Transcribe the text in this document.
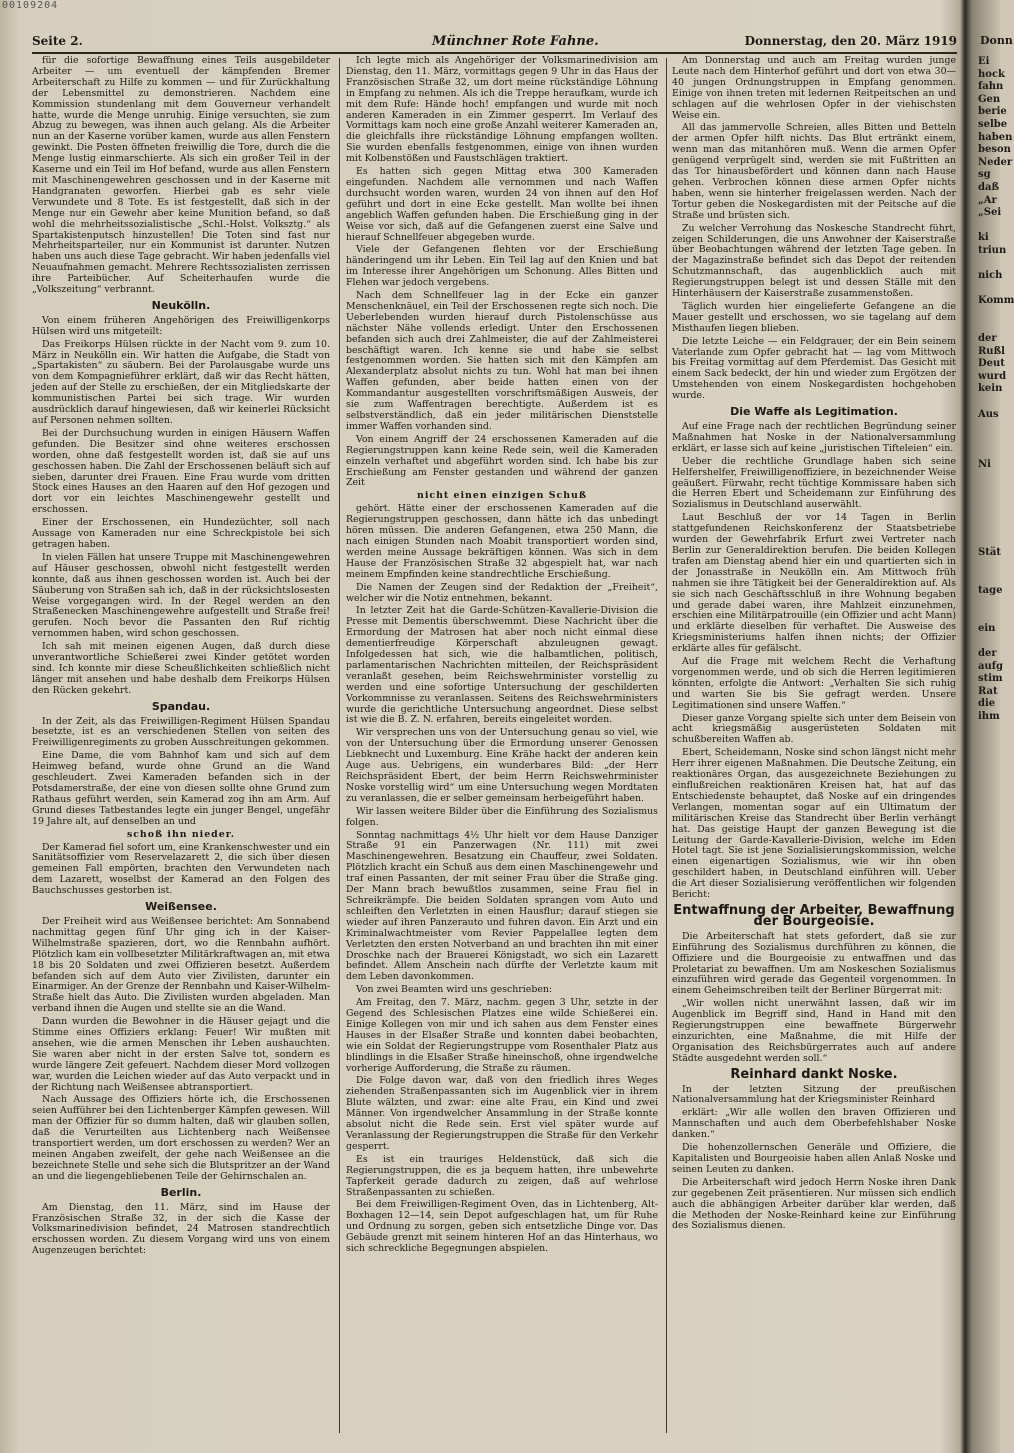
00109204
Seite 2.	Münchner Rote Fahne.	Donnerstag, den 20. März 1919 Donn

für die sofortige Bewaffnung eines Teils ausgebildeter Arbeiter — um eventuell der kämpfenden Bremer Arbeiterschaft zu Hilfe zu kommen — und für Zurückhaltung der Lebensmittel zu demonstrieren. Nachdem eine Kommission stundenlang mit dem Gouverneur verhandelt hatte, wurde die Menge unruhig. Einige versuchten, sie zum Abzug zu bewegen, was ihnen auch gelang. Als die Arbeiter nun an der Kaserne vorüber kamen, wurde aus allen Fenstern gewinkt. Die Posten öffneten freiwillig die Tore, durch die die Menge lustig einmarschierte. Als sich ein großer Teil in der Kaserne und ein Teil im Hof befand, wurde aus allen Fenstern mit Maschinengewehren geschossen und in der Kaserne mit Handgranaten geworfen. Hierbei gab es sehr viele Verwundete und 8 Tote. Es ist festgestellt, daß sich in der Menge nur ein Gewehr aber keine Munition befand, so daß wohl die mehrheitssozialistische „Schl.-Holst. Volksztg.“ als Spartakistenputsch hinzustellen! Die Toten sind fast nur Mehrheitsparteiler, nur ein Kommunist ist darunter. Nutzen haben uns auch diese Tage gebracht. Wir haben jedenfalls viel Neuaufnahmen gemacht. Mehrere Rechtssozialisten zerrissen ihre Parteibücher. Auf Scheiterhaufen wurde die „Volkszeitung“ verbrannt.

Neukölln.

Von einem früheren Angehörigen des Freiwilligenkorps Hülsen wird uns mitgeteilt:

Das Freikorps Hülsen rückte in der Nacht vom 9. zum 10. März in Neukölln ein. Wir hatten die Aufgabe, die Stadt von „Spartakisten“ zu säubern. Bei der Parolausgabe wurde uns von dem Kompagnieführer erklärt, daß wir das Recht hätten, jeden auf der Stelle zu erschießen, der ein Mitgliedskarte der kommunistischen Partei bei sich trage. Wir wurden ausdrücklich darauf hingewiesen, daß wir keinerlei Rücksicht auf Personen nehmen sollten.

Bei der Durchsuchung wurden in einigen Häusern Waffen gefunden. Die Besitzer sind ohne weiteres erschossen worden, ohne daß festgestellt worden ist, daß sie auf uns geschossen haben. Die Zahl der Erschossenen beläuft sich auf sieben, darunter drei Frauen. Eine Frau wurde vom dritten Stock eines Hauses an den Haaren auf den Hof gezogen und dort vor ein leichtes Maschinengewehr gestellt und erschossen.

Einer der Erschossenen, ein Hundezüchter, soll nach Aussage von Kameraden nur eine Schreckpistole bei sich getragen haben.

In vielen Fällen hat unsere Truppe mit Maschinengewehren auf Häuser geschossen, obwohl nicht festgestellt werden konnte, daß aus ihnen geschossen worden ist. Auch bei der Säuberung von Straßen sah ich, daß in der rücksichtslosesten Weise vorgegangen wird. In der Regel werden an den Straßenecken Maschinengewehre aufgestellt und Straße frei! gerufen. Noch bevor die Passanten den Ruf richtig vernommen haben, wird schon geschossen.

Ich sah mit meinen eigenen Augen, daß durch diese unverantwortliche Schießerei zwei Kinder getötet worden sind. Ich konnte mir diese Scheußlichkeiten schließlich nicht länger mit ansehen und habe deshalb dem Freikorps Hülsen den Rücken gekehrt.

Spandau.

In der Zeit, als das Freiwilligen-Regiment Hülsen Spandau besetzte, ist es an verschiedenen Stellen von seiten des Freiwilligenregiments zu groben Ausschreitungen gekommen.

Eine Dame, die vom Bahnhof kam und sich auf dem Heimweg befand, wurde ohne Grund an die Wand geschleudert. Zwei Kameraden befanden sich in der Potsdamerstraße, der eine von diesen sollte ohne Grund zum Rathaus geführt werden, sein Kamerad zog ihn am Arm. Auf Grund dieses Tatbestandes legte ein junger Bengel, ungefähr 19 Jahre alt, auf denselben an und

schoß ihn nieder.

Der Kamerad fiel sofort um, eine Krankenschwester und ein Sanitätsoffizier vom Reservelazarett 2, die sich über diesen gemeinen Fall empörten, brachten den Verwundeten nach dem Lazarett, woselbst der Kamerad an den Folgen des Bauchschusses gestorben ist.

Weißensee.

Der Freiheit wird aus Weißensee berichtet: Am Sonnabend nachmittag gegen fünf Uhr ging ich in der Kaiser-Wilhelmstraße spazieren, dort, wo die Rennbahn aufhört. Plötzlich kam ein vollbesetzter Militärkraftwagen an, mit etwa 18 bis 20 Soldaten und zwei Offizieren besetzt. Außerdem befanden sich auf dem Auto vier Zivilisten, darunter ein Einarmiger. An der Grenze der Rennbahn und Kaiser-Wilhelm-Straße hielt das Auto. Die Zivilisten wurden abgeladen. Man verband ihnen die Augen und stellte sie an die Wand.

Dann wurden die Bewohner in die Häuser gejagt und die Stimme eines Offiziers erklang: Feuer! Wir mußten mit ansehen, wie die armen Menschen ihr Leben aushauchten. Sie waren aber nicht in der ersten Salve tot, sondern es wurde längere Zeit gefeuert. Nachdem dieser Mord vollzogen war, wurden die Leichen wieder auf das Auto verpackt und in der Richtung nach Weißensee abtransportiert.

Nach Aussage des Offiziers hörte ich, die Erschossenen seien Aufführer bei den Lichtenberger Kämpfen gewesen. Will man der Offizier für so dumm halten, daß wir glauben sollen, daß die Verurteilten aus Lichtenberg nach Weißensee transportiert werden, um dort erschossen zu werden? Wer an meinen Angaben zweifelt, der gehe nach Weißensee an die bezeichnete Stelle und sehe sich die Blutspritzer an der Wand an und die liegengebliebenen Teile der Gehirnschalen an.

Berlin.

Am Dienstag, den 11. März, sind im Hause der Französischen Straße 32, in der sich die Kasse der Volksmarinedivision befindet, 24 Matrosen standrechtlich erschossen worden. Zu diesem Vorgang wird uns von einem Augenzeugen berichtet:

Ich legte mich als Angehöriger der Volksmarinedivision am Dienstag, den 11. März, vormittags gegen 9 Uhr in das Haus der Französischen Straße 32, um dort meine rückständige Löhnung in Empfang zu nehmen. Als ich die Treppe heraufkam, wurde ich mit dem Rufe: Hände hoch! empfangen und wurde mit noch anderen Kameraden in ein Zimmer gesperrt. Im Verlauf des Vormittags kam noch eine große Anzahl weiterer Kameraden an, die gleichfalls ihre rückständige Löhnung empfangen wollten. Sie wurden ebenfalls festgenommen, einige von ihnen wurden mit Kolbenstößen und Faustschlägen traktiert.

Es hatten sich gegen Mittag etwa 300 Kameraden eingefunden. Nachdem alle vernommen und nach Waffen durchsucht worden waren, wurden 24 von ihnen auf den Hof geführt und dort in eine Ecke gestellt. Man wollte bei ihnen angeblich Waffen gefunden haben. Die Erschießung ging in der Weise vor sich, daß auf die Gefangenen zuerst eine Salve und hierauf Schnellfeuer abgegeben wurde.

Viele der Gefangenen flehten vor der Erschießung händeringend um ihr Leben. Ein Teil lag auf den Knien und bat im Interesse ihrer Angehörigen um Schonung. Alles Bitten und Flehen war jedoch vergebens.

Nach dem Schnellfeuer lag in der Ecke ein ganzer Menschenknäuel, ein Teil der Erschossenen regte sich noch. Die Ueberlebenden wurden hierauf durch Pistolenschüsse aus nächster Nähe vollends erledigt. Unter den Erschossenen befanden sich auch drei Zahlmeister, die auf der Zahlmeisterei beschäftigt waren. Ich kenne sie und habe sie selbst festgenommen worden. Sie hatten sich mit den Kämpfen am Alexanderplatz absolut nichts zu tun. Wohl hat man bei ihnen Waffen gefunden, aber beide hatten einen von der Kommandantur ausgestellten vorschriftsmäßigen Ausweis, der sie zum Waffentragen berechtigte. Außerdem ist es selbstverständlich, daß ein jeder militärischen Dienststelle immer Waffen vorhanden sind.

Von einem Angriff der 24 erschossenen Kameraden auf die Regierungstruppen kann keine Rede sein, weil die Kameraden einzeln verhaftet und abgeführt worden sind. Ich habe bis zur Erschießung am Fenster gestanden und während der ganzen Zeit

nicht einen einzigen Schuß

gehört. Hätte einer der erschossenen Kameraden auf die Regierungstruppen geschossen, dann hätte ich das unbedingt hören müssen. Die anderen Gefangenen, etwa 250 Mann, die nach einigen Stunden nach Moabit transportiert worden sind, werden meine Aussage bekräftigen können. Was sich in dem Hause der Französischen Straße 32 abgespielt hat, war nach meinem Empfinden keine standrechtliche Erschießung.

Die Namen der Zeugen sind der Redaktion der „Freiheit“, welcher wir die Notiz entnehmen, bekannt.

In letzter Zeit hat die Garde-Schützen-Kavallerie-Division die Presse mit Dementis überschwemmt. Diese Nachricht über die Ermordung der Matrosen hat aber noch nicht einmal diese dementierfreudige Körperschaft abzuleugnen gewagt. Infolgedessen hat sich, wie die halbamtlichen, politisch, parlamentarischen Nachrichten mitteilen, der Reichspräsident veranlaßt gesehen, beim Reichswehrminister vorstellig zu werden und eine sofortige Untersuchung der geschilderten Vorkommnisse zu veranlassen. Seitens des Reichswehrministers wurde die gerichtliche Untersuchung angeordnet. Diese selbst ist wie die B. Z. N. erfahren, bereits eingeleitet worden.

Wir versprechen uns von der Untersuchung genau so viel, wie von der Untersuchung über die Ermordung unserer Genossen Liebknecht und Luxemburg. Eine Krähe hackt der anderen kein Auge aus. Uebrigens, ein wunderbares Bild: „der Herr Reichspräsident Ebert, der beim Herrn Reichswehrminister Noske vorstellig wird“ um eine Untersuchung wegen Mordtaten zu veranlassen, die er selber gemeinsam herbeigeführt haben.

Wir lassen weitere Bilder über die Einführung des Sozialismus folgen.

Sonntag nachmittags 4½ Uhr hielt vor dem Hause Danziger Straße 91 ein Panzerwagen (Nr. 111) mit zwei Maschinengewehren. Besatzung ein Chauffeur, zwei Soldaten. Plötzlich kracht ein Schuß aus dem einen Maschinengewehr und traf einen Passanten, der mit seiner Frau über die Straße ging. Der Mann brach bewußtlos zusammen, seine Frau fiel in Schreikrämpfe. Die beiden Soldaten sprangen vom Auto und schleiften den Verletzten in einen Hausflur; darauf stiegen sie wieder auf ihren Panzerauto und fuhren davon. Ein Arzt und ein Kriminalwachtmeister vom Revier Pappelallee legten dem Verletzten den ersten Notverband an und brachten ihn mit einer Droschke nach der Brauerei Königstadt, wo sich ein Lazarett befindet. Allem Anschein nach dürfte der Verletzte kaum mit dem Leben davonkommen.

Von zwei Beamten wird uns geschrieben:

Am Freitag, den 7. März, nachm. gegen 3 Uhr, setzte in der Gegend des Schlesischen Platzes eine wilde Schießerei ein. Einige Kollegen von mir und ich sahen aus dem Fenster eines Hauses in der Elsaßer Straße und konnten dabei beobachten, wie ein Soldat der Regierungstruppe vom Rosenthaler Platz aus blindlings in die Elsaßer Straße hineinschoß, ohne irgendwelche vorherige Aufforderung, die Straße zu räumen.

Die Folge davon war, daß von den friedlich ihres Weges ziehenden Straßenpassanten sich im Augenblick vier in ihrem Blute wälzten, und zwar: eine alte Frau, ein Kind und zwei Männer. Von irgendwelcher Ansammlung in der Straße konnte absolut nicht die Rede sein. Erst viel später wurde auf Veranlassung der Regierungstruppen die Straße für den Verkehr gesperrt.

Es ist ein trauriges Heldenstück, daß sich die Regierungstruppen, die es ja bequem hatten, ihre unbewehrte Tapferkeit gerade dadurch zu zeigen, daß auf wehrlose Straßenpassanten zu schießen.

Bei dem Freiwilligen-Regiment Oven, das in Lichtenberg, Alt-Boxhagen 12—14, sein Depot aufgeschlagen hat, um für Ruhe und Ordnung zu sorgen, geben sich entsetzliche Dinge vor. Das Gebäude grenzt mit seinem hinteren Hof an das Hinterhaus, wo sich schreckliche Begegnungen abspielen.

Am Donnerstag und auch am Freitag wurden junge Leute nach dem Hinterhof geführt und dort von etwa 30—40 jungen Ordnungstruppen in Empfang genommen. Einige von ihnen treten mit ledernen Reitpeitschen an und schlagen auf die wehrlosen Opfer in der viehischsten Weise ein.

All das jammervolle Schreien, alles Bitten und Betteln der armen Opfer hilft nichts. Das Blut ertränkt einem, wenn man das mitanhören muß. Wenn die armen Opfer genügend verprügelt sind, werden sie mit Fußtritten an das Tor hinausbefördert und können dann nach Hause gehen. Verbrochen können diese armen Opfer nichts haben, wenn sie hinterher freigelassen werden. Nach der Tortur geben die Noskegardisten mit der Peitsche auf die Straße und brüsten sich.

Zu welcher Verrohung das Noskesche Standrecht führt, zeigen Schilderungen, die uns Anwohner der Kaiserstraße über Beobachtungen während der letzten Tage geben. In der Magazinstraße befindet sich das Depot der reitenden Schutzmannschaft, das augenblicklich auch mit Regierungstruppen belegt ist und dessen Ställe mit den Hinterhäusern der Kaiserstraße zusammenstoßen.

Täglich wurden hier eingelieferte Gefangene an die Mauer gestellt und erschossen, wo sie tagelang auf dem Misthaufen liegen blieben.

Die letzte Leiche — ein Feldgrauer, der ein Bein seinem Vaterlande zum Opfer gebracht hat — lag vom Mittwoch bis Freitag vormittag auf dem Pferdemist. Das Gesicht mit einem Sack bedeckt, der hin und wieder zum Ergötzen der Umstehenden von einem Noskegardisten hochgehoben wurde.

Die Waffe als Legitimation.

Auf eine Frage nach der rechtlichen Begründung seiner Maßnahmen hat Noske in der Nationalversammlung erklärt, er lasse sich auf keine „juristischen Tifteleien“ ein.

Ueber die rechtliche Grundlage haben sich seine Helfershelfer, Freiwilligenoffiziere, in bezeichnender Weise geäußert. Fürwahr, recht tüchtige Kommissare haben sich die Herren Ebert und Scheidemann zur Einführung des Sozialismus in Deutschland auserwählt.

Laut Beschluß der vor 14 Tagen in Berlin stattgefundenen Reichskonferenz der Staatsbetriebe wurden der Gewehrfabrik Erfurt zwei Vertreter nach Berlin zur Generaldirektion berufen. Die beiden Kollegen trafen am Dienstag abend hier ein und quartierten sich in der Jonasstraße in Neukölln ein. Am Mittwoch früh nahmen sie ihre Tätigkeit bei der Generaldirektion auf. Als sie sich nach Geschäftsschluß in ihre Wohnung begaben und gerade dabei waren, ihre Mahlzeit einzunehmen, erschien eine Militärpatrouille (ein Offizier und acht Mann) und erklärte dieselben für verhaftet. Die Ausweise des Kriegsministeriums halfen ihnen nichts; der Offizier erklärte alles für gefälscht.

Auf die Frage mit welchem Recht die Verhaftung vorgenommen werde, und ob sich die Herren legitimieren könnten, erfolgte die Antwort: „Verhalten Sie sich ruhig und warten Sie bis Sie gefragt werden. Unsere Legitimationen sind unsere Waffen.“

Dieser ganze Vorgang spielte sich unter dem Beisein von acht kriegsmäßig ausgerüsteten Soldaten mit schußbereiten Waffen ab.

Ebert, Scheidemann, Noske sind schon längst nicht mehr Herr ihrer eigenen Maßnahmen. Die Deutsche Zeitung, ein reaktionäres Organ, das ausgezeichnete Beziehungen zu einflußreichen reaktionären Kreisen hat, hat auf das Entschiedenste behauptet, daß Noske auf ein dringendes Verlangen, momentan sogar auf ein Ultimatum der militärischen Kreise das Standrecht über Berlin verhängt hat. Das geistige Haupt der ganzen Bewegung ist die Leitung der Garde-Kavallerie-Division, welche im Eden Hotel tagt. Sie ist jene Sozialisierungskommission, welche einen eigenartigen Sozialismus, wie wir ihn oben geschildert haben, in Deutschland einführen will. Ueber die Art dieser Sozialisierung veröffentlichen wir folgenden Bericht:

Entwaffnung der Arbeiter, Bewaffnung der Bourgeoisie.

Die Arbeiterschaft hat stets gefordert, daß sie zur Einführung des Sozialismus durchführen zu können, die Offiziere und die Bourgeoisie zu entwaffnen und das Proletariat zu bewaffnen. Um am Noskeschen Sozialismus einzuführen wird gerade das Gegenteil vorgenommen. In einem Geheimschreiben teilt der Berliner Bürgerrat mit:

„Wir wollen nicht unerwähnt lassen, daß wir im Augenblick im Begriff sind, Hand in Hand mit den Regierungstruppen eine bewaffnete Bürgerwehr einzurichten, eine Maßnahme, die mit Hilfe der Organisation des Reichsbürgerrates auch auf andere Städte ausgedehnt werden soll.“

Reinhard dankt Noske.

In der letzten Sitzung der preußischen Nationalversammlung hat der Kriegsminister Reinhard

erklärt: „Wir alle wollen den braven Offizieren und Mannschaften und auch dem Oberbefehlshaber Noske danken.“

Die hohenzollernschen Generäle und Offiziere, die Kapitalisten und Bourgeoisie haben allen Anlaß Noske und seinen Leuten zu danken.

Die Arbeiterschaft wird jedoch Herrn Noske ihren Dank zur gegebenen Zeit präsentieren. Nur müssen sich endlich auch die abhängigen Arbeiter darüber klar werden, daß die Methoden der Noske-Reinhard keine zur Einführung des Sozialismus dienen.

Ei
hock
fahn
Gen
berie
selbe
haben
beson
Neder
sg
daß
„Ar
„Sei
ki
triun
nich
Komm
der
Rußl
Deut
wurd
kein
Aus
Ni
Stät
tage
ein
der
aufg
stim
Rat
die
ihm
